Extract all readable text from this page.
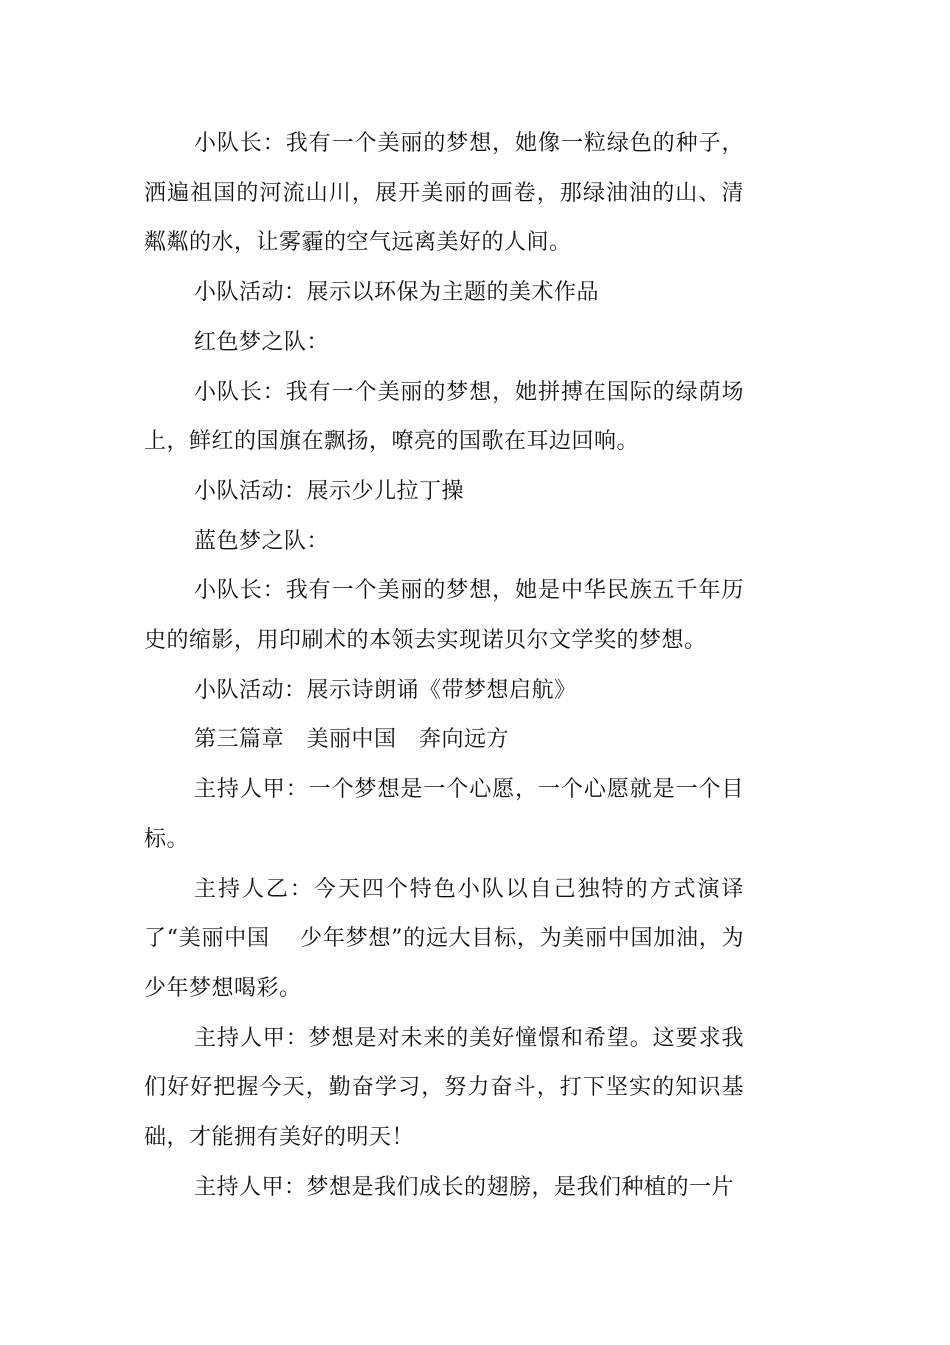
小队长：我有一个美丽的梦想，她像一粒绿色的种子，洒遍祖国的河流山川，展开美丽的画卷，那绿油油的山、清粼粼的水，让雾霾的空气远离美好的人间。

小队活动：展示以环保为主题的美术作品

红色梦之队：

小队长：我有一个美丽的梦想，她拼搏在国际的绿荫场上，鲜红的国旗在飘扬，嘹亮的国歌在耳边回响。

小队活动：展示少儿拉丁操

蓝色梦之队：

小队长：我有一个美丽的梦想，她是中华民族五千年历史的缩影，用印刷术的本领去实现诺贝尔文学奖的梦想。

小队活动：展示诗朗诵《带梦想启航》

第三篇章　美丽中国　奔向远方

主持人甲：一个梦想是一个心愿，一个心愿就是一个目标。

主持人乙：今天四个特色小队以自己独特的方式演译了“美丽中国　 少年梦想”的远大目标，为美丽中国加油，为少年梦想喝彩。

主持人甲：梦想是对未来的美好憧憬和希望。这要求我们好好把握今天，勤奋学习，努力奋斗，打下坚实的知识基础，才能拥有美好的明天！

主持人甲：梦想是我们成长的翅膀，是我们种植的一片
